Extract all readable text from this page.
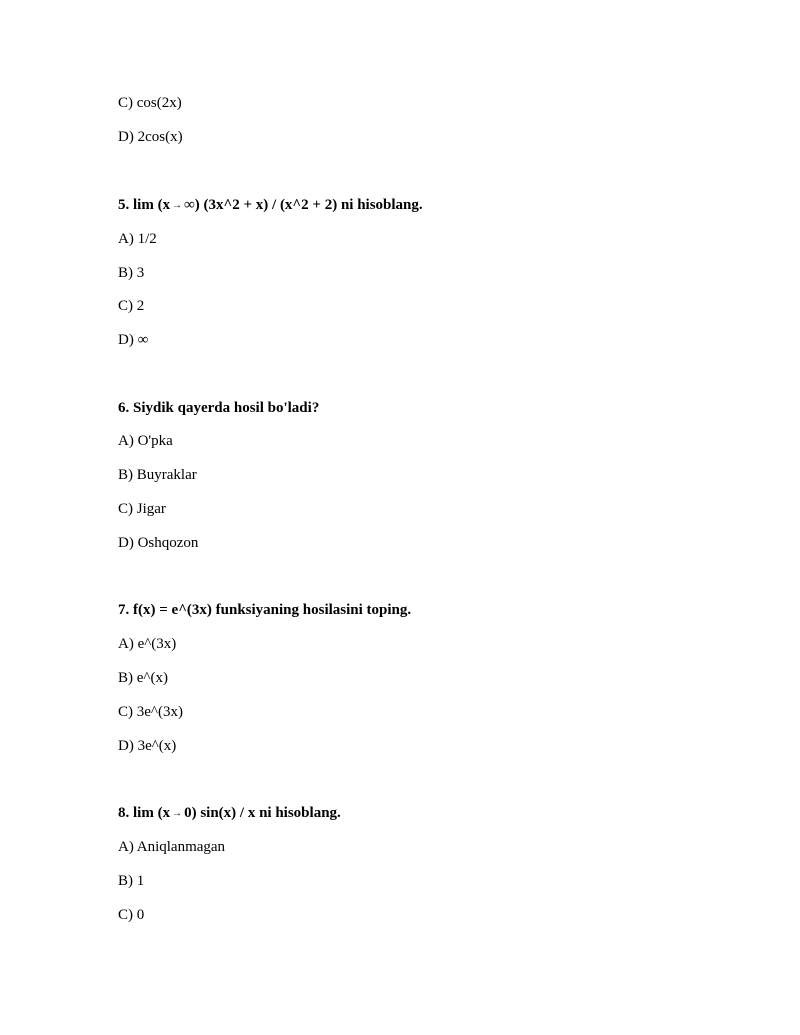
C) cos(2x)
D) 2cos(x)
5. lim (x → ∞) (3x^2 + x) / (x^2 + 2) ni hisoblang.
A) 1/2
B) 3
C) 2
D) ∞
6. Siydik qayerda hosil bo'ladi?
A) O'pka
B) Buyraklar
C) Jigar
D) Oshqozon
7. f(x) = e^(3x) funksiyaning hosilasini toping.
A) e^(3x)
B) e^(x)
C) 3e^(3x)
D) 3e^(x)
8. lim (x → 0) sin(x) / x ni hisoblang.
A) Aniqlanmagan
B) 1
C) 0
